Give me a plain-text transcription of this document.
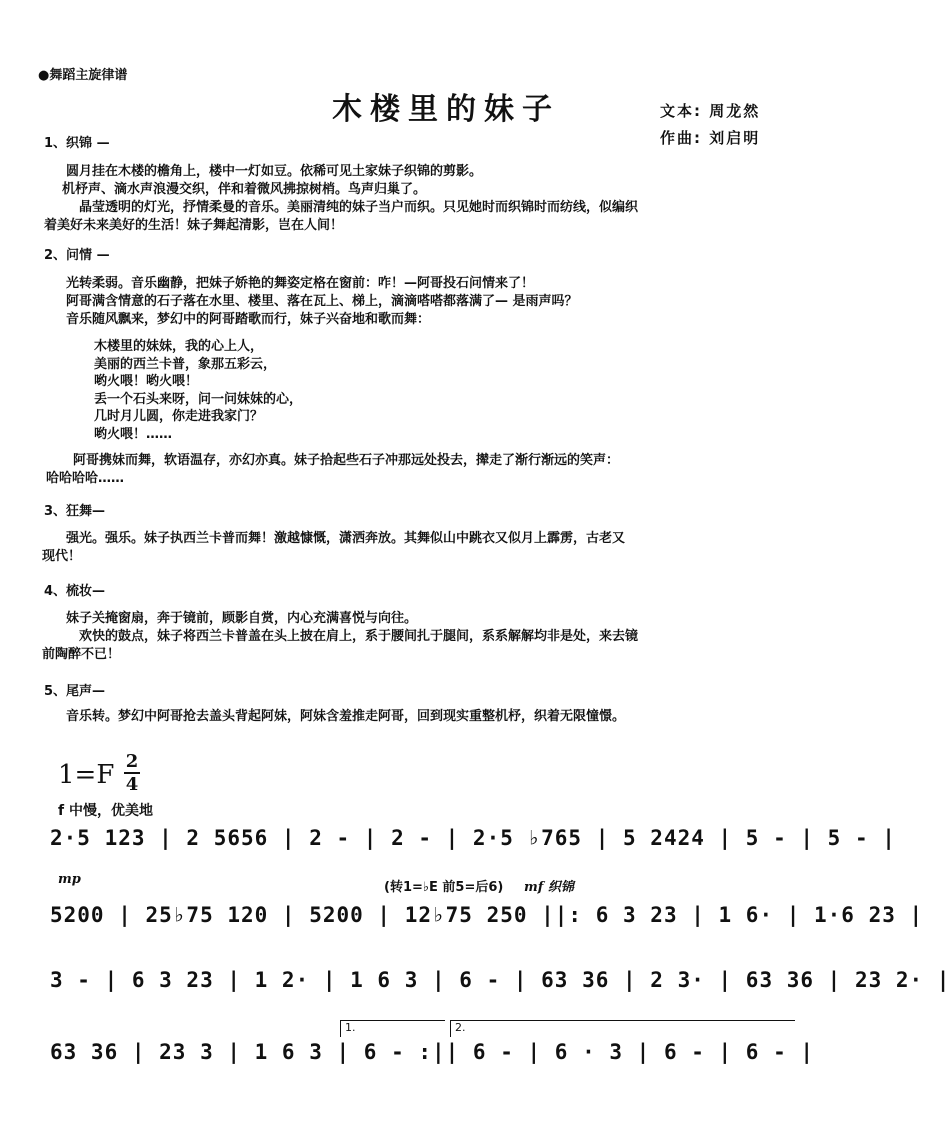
●舞蹈主旋律谱
木楼里的妹子	文本: 周龙然
作曲: 刘启明
1、织锦 —
圆月挂在木楼的檐角上，楼中一灯如豆。依稀可见土家妹子织锦的剪影。
机杼声、滴水声浪漫交织，伴和着微风拂掠树梢。鸟声归巢了。
　晶莹透明的灯光，抒情柔曼的音乐。美丽清纯的妹子当户而织。只见她时而织锦时而纺线，似编织
着美好未来美好的生活！妹子舞起清影，岂在人间！
2、问情 —
光转柔弱。音乐幽静，把妹子娇艳的舞姿定格在窗前：咋！—阿哥投石问情来了！
阿哥满含情意的石子落在水里、楼里、落在瓦上、梯上，滴滴嗒嗒都落满了— 是雨声吗？
音乐随风飘来，梦幻中的阿哥踏歌而行，妹子兴奋地和歌而舞：
木楼里的妹妹，我的心上人，
美丽的西兰卡普，象那五彩云，
哟火喂！哟火喂！
丢一个石头来呀，问一问妹妹的心，
几时月儿圆，你走进我家门？
哟火喂！……
　阿哥携妹而舞，软语温存，亦幻亦真。妹子拾起些石子冲那远处投去，撵走了渐行渐远的笑声：
哈哈哈哈……
3、狂舞—
强光。强乐。妹子执西兰卡普而舞！激越慷慨，潇洒奔放。其舞似山中跳衣又似月上霹雳，古老又
现代！
4、梳妆—
妹子关掩窗扇，奔于镜前，顾影自赏，内心充满喜悦与向往。
　欢快的鼓点，妹子将西兰卡普盖在头上披在肩上，系于腰间扎于腿间，系系解解均非是处，来去镜
前陶醉不已！
5、尾声—
音乐转。梦幻中阿哥抢去盖头背起阿妹，阿妹含羞推走阿哥，回到现实重整机杼，织着无限憧憬。
1=F 2
4
f 中慢，优美地
2·5 123 | 2 5656 | 2 - | 2 - | 2·5 ♭765 | 5 2424 | 5 - | 5 - |
mp
(转1=♭E 前5=后6) mf 织锦
5200 | 25♭75 120 | 5200 | 12♭75 250 ||: 6 3 23 | 1 6· | 1·6 23 |
3 - | 6 3 23 | 1 2· | 1 6 3 | 6 - | 63 36 | 2 3· | 63 36 | 23 2· |
1.	2.
63 36 | 23 3 | 1 6 3 | 6 - :|| 6 - | 6 · 3 | 6 - | 6 - |
